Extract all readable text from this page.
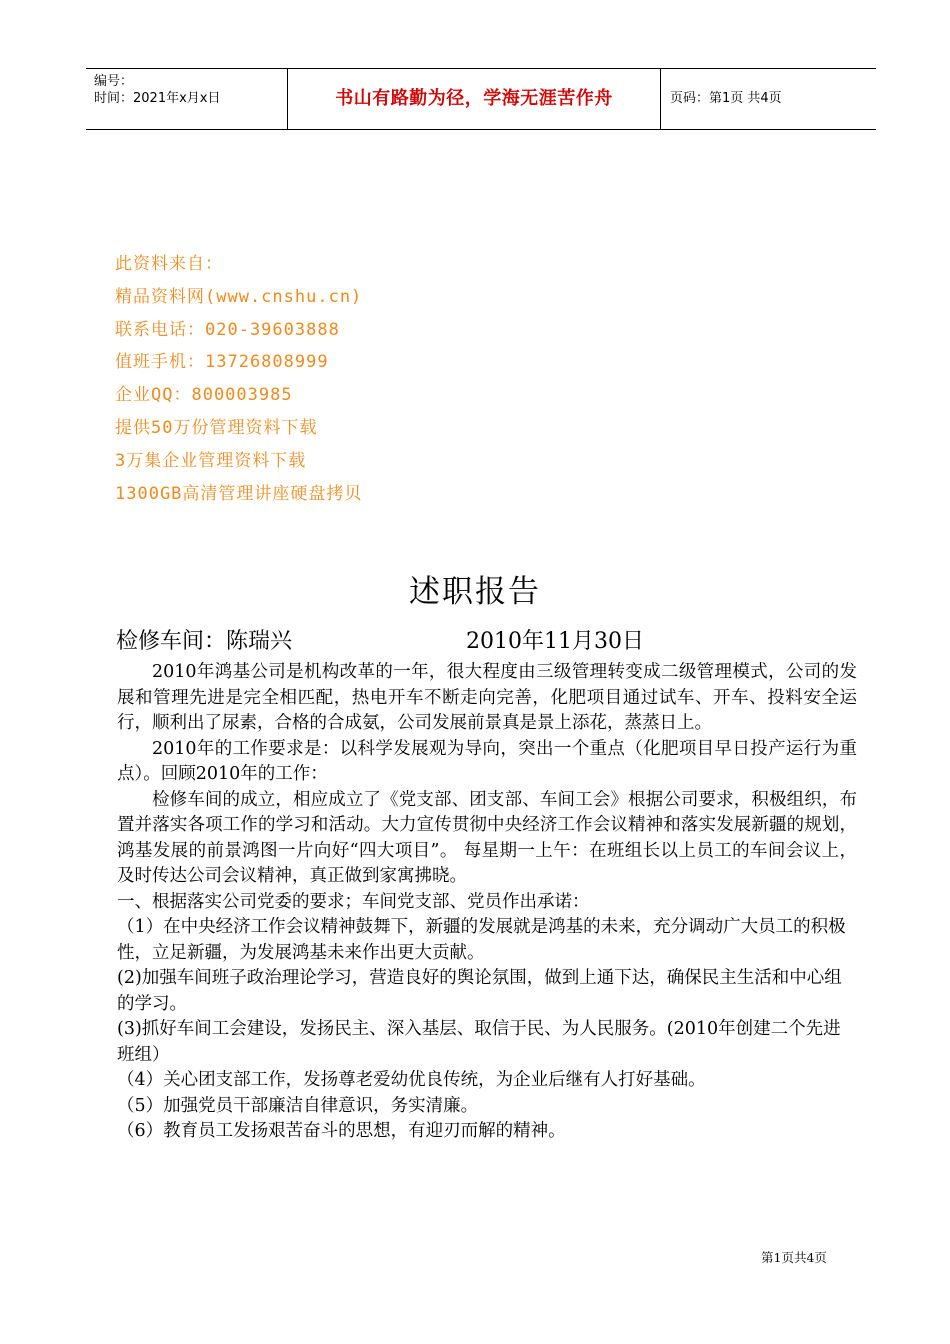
编号：
时间：2021年x月x日	书山有路勤为径，学海无涯苦作舟	页码：第1页 共4页
此资料来自：
精品资料网(www.cnshu.cn)
联系电话：020-39603888
值班手机：13726808999
企业QQ：800003985
提供50万份管理资料下载
3万集企业管理资料下载
1300GB高清管理讲座硬盘拷贝
述职报告
检修车间：陈瑞兴	2010年11月30日

2010年鸿基公司是机构改革的一年，很大程度由三级管理转变成二级管理模式，公司的发展和管理先进是完全相匹配，热电开车不断走向完善，化肥项目通过试车、开车、投料安全运行，顺利出了尿素，合格的合成氨，公司发展前景真是景上添花，蒸蒸日上。

2010年的工作要求是：以科学发展观为导向，突出一个重点（化肥项目早日投产运行为重点）。回顾2010年的工作：

检修车间的成立，相应成立了《党支部、团支部、车间工会》根据公司要求，积极组织，布置并落实各项工作的学习和活动。大力宣传贯彻中央经济工作会议精神和落实发展新疆的规划，鸿基发展的前景鸿图一片向好“四大项目”。 每星期一上午：在班组长以上员工的车间会议上，及时传达公司会议精神，真正做到家寓拂晓。

一、根据落实公司党委的要求；车间党支部、党员作出承诺：

（1）在中央经济工作会议精神鼓舞下，新疆的发展就是鸿基的未来，充分调动广大员工的积极性，立足新疆，为发展鸿基未来作出更大贡献。

(2)加强车间班子政治理论学习，营造良好的舆论氛围，做到上通下达，确保民主生活和中心组的学习。

(3)抓好车间工会建设，发扬民主、深入基层、取信于民、为人民服务。(2010年创建二个先进班组）

（4）关心团支部工作，发扬尊老爱幼优良传统，为企业后继有人打好基础。

（5）加强党员干部廉洁自律意识，务实清廉。

（6）教育员工发扬艰苦奋斗的思想，有迎刃而解的精神。

第1页共4页
